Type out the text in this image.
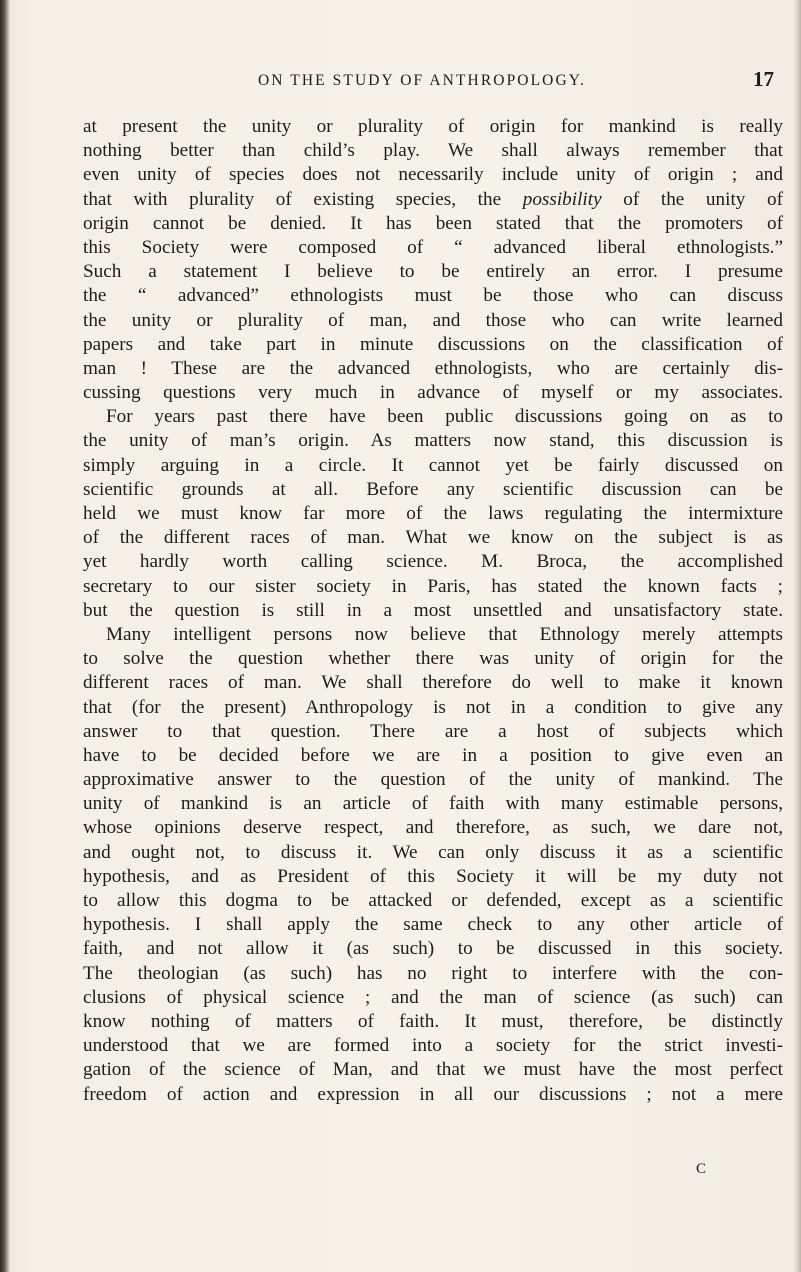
ON THE STUDY OF ANTHROPOLOGY.	17
at present the unity or plurality of origin for mankind is really
nothing better than child’s play. We shall always remember that
even unity of species does not necessarily include unity of origin ; and
that with plurality of existing species, the possibility of the unity of
origin cannot be denied. It has been stated that the promoters of
this Society were composed of “ advanced liberal ethnologists.”
Such a statement I believe to be entirely an error. I presume
the “ advanced” ethnologists must be those who can discuss
the unity or plurality of man, and those who can write learned
papers and take part in minute discussions on the classification of
man ! These are the advanced ethnologists, who are certainly dis-
cussing questions very much in advance of myself or my associates.
For years past there have been public discussions going on as to
the unity of man’s origin. As matters now stand, this discussion is
simply arguing in a circle. It cannot yet be fairly discussed on
scientific grounds at all. Before any scientific discussion can be
held we must know far more of the laws regulating the intermixture
of the different races of man. What we know on the subject is as
yet hardly worth calling science. M. Broca, the accomplished
secretary to our sister society in Paris, has stated the known facts ;
but the question is still in a most unsettled and unsatisfactory state.
Many intelligent persons now believe that Ethnology merely attempts
to solve the question whether there was unity of origin for the
different races of man. We shall therefore do well to make it known
that (for the present) Anthropology is not in a condition to give any
answer to that question. There are a host of subjects which
have to be decided before we are in a position to give even an
approximative answer to the question of the unity of mankind. The
unity of mankind is an article of faith with many estimable persons,
whose opinions deserve respect, and therefore, as such, we dare not,
and ought not, to discuss it. We can only discuss it as a scientific
hypothesis, and as President of this Society it will be my duty not
to allow this dogma to be attacked or defended, except as a scientific
hypothesis. I shall apply the same check to any other article of
faith, and not allow it (as such) to be discussed in this society.
The theologian (as such) has no right to interfere with the con-
clusions of physical science ; and the man of science (as such) can
know nothing of matters of faith. It must, therefore, be distinctly
understood that we are formed into a society for the strict investi-
gation of the science of Man, and that we must have the most perfect
freedom of action and expression in all our discussions ; not a mere
C
